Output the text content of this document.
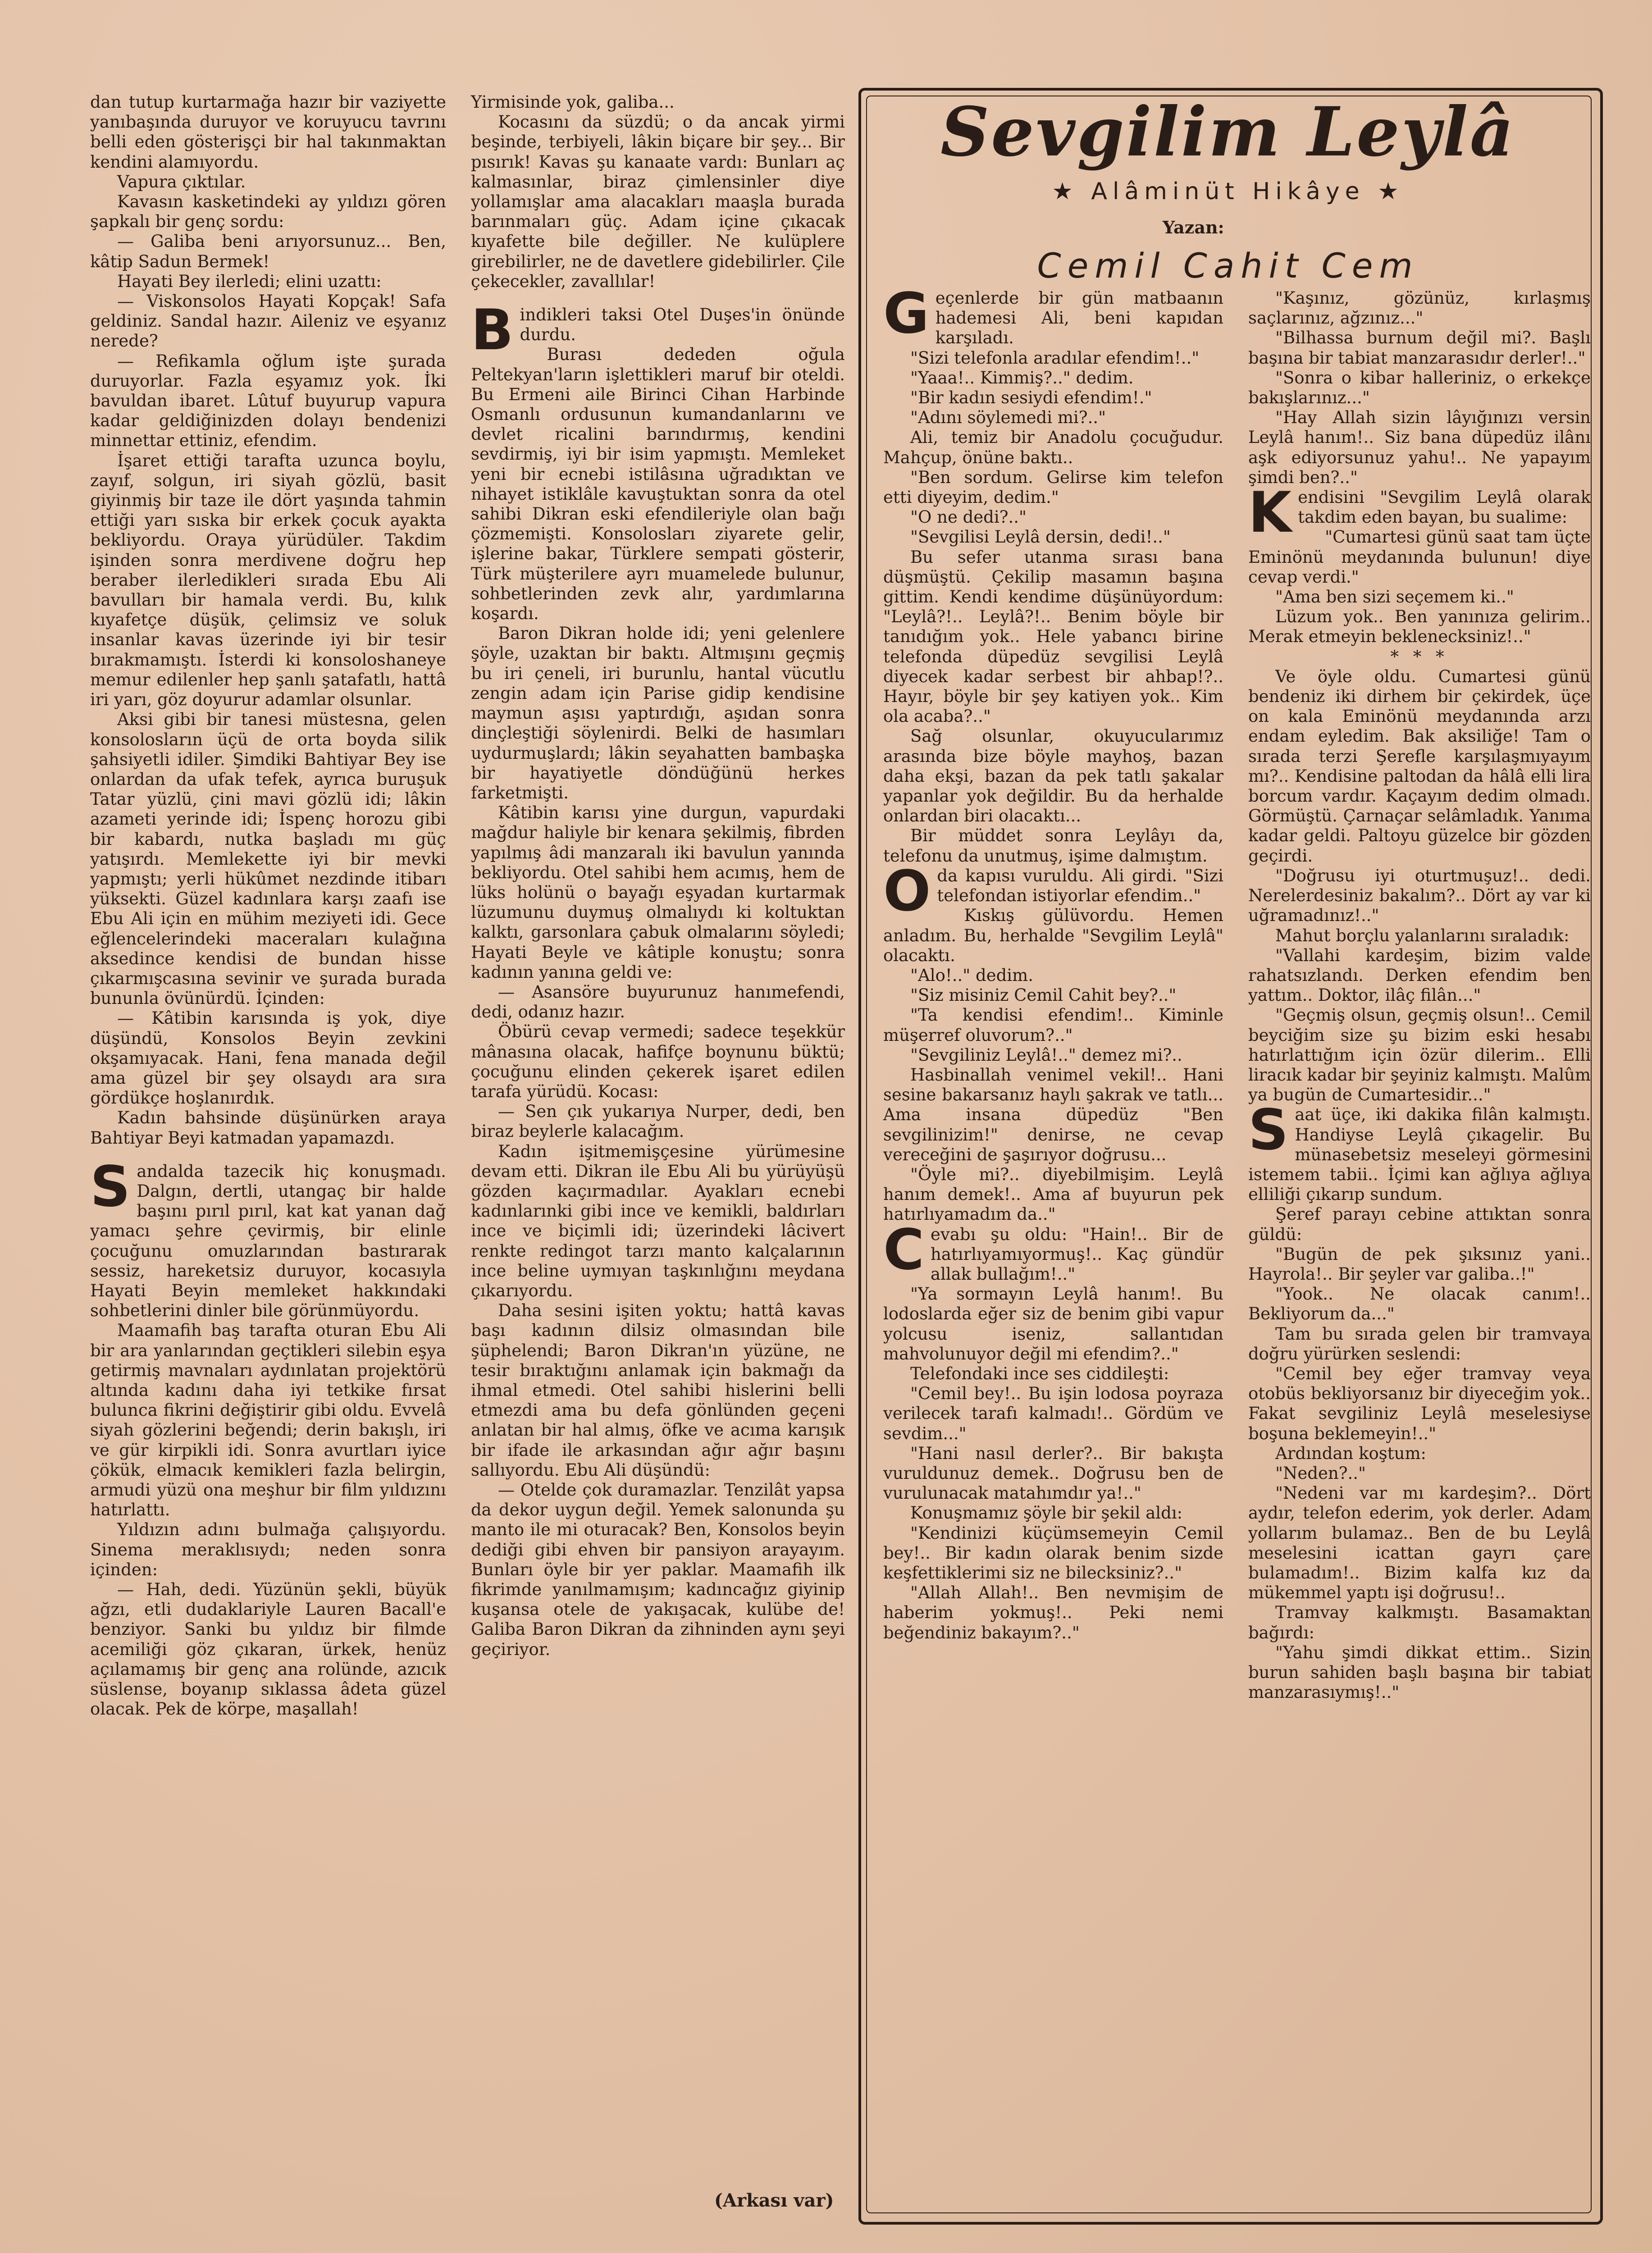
dan tutup kurtarmağa hazır bir vaziyette yanıbaşında duruyor ve koruyucu tavrını belli eden gösterişçi bir hal takınmaktan kendini alamıyordu.

Vapura çıktılar.

Kavasın kasketindeki ay yıldızı gören şapkalı bir genç sordu:

— Galiba beni arıyorsunuz... Ben, kâtip Sadun Bermek!

Hayati Bey ilerledi; elini uzattı:

— Viskonsolos Hayati Kopçak! Safa geldiniz. Sandal hazır. Aileniz ve eşyanız nerede?

— Refikamla oğlum işte şurada duruyorlar. Fazla eşyamız yok. İki bavuldan ibaret. Lûtuf buyurup vapura kadar geldiğinizden dolayı bendenizi minnettar ettiniz, efendim.

İşaret ettiği tarafta uzunca boylu, zayıf, solgun, iri siyah gözlü, basit giyinmiş bir taze ile dört yaşında tahmin ettiği yarı sıska bir erkek çocuk ayakta bekliyordu. Oraya yürüdüler. Takdim işinden sonra merdivene doğru hep beraber ilerledikleri sırada Ebu Ali bavulları bir hamala verdi. Bu, kılık kıyafetçe düşük, çelimsiz ve soluk insanlar kavas üzerinde iyi bir tesir bırakmamıştı. İsterdi ki konsoloshaneye memur edilenler hep şanlı şatafatlı, hattâ iri yarı, göz doyurur adamlar olsunlar.

Aksi gibi bir tanesi müstesna, gelen konsolosların üçü de orta boyda silik şahsiyetli idiler. Şimdiki Bahtiyar Bey ise onlardan da ufak tefek, ayrıca buruşuk Tatar yüzlü, çini mavi gözlü idi; lâkin azameti yerinde idi; İspenç horozu gibi bir kabardı, nutka başladı mı güç yatışırdı. Memlekette iyi bir mevki yapmıştı; yerli hükûmet nezdinde itibarı yüksekti. Güzel kadınlara karşı zaafı ise Ebu Ali için en mühim meziyeti idi. Gece eğlencelerindeki maceraları kulağına aksedince kendisi de bundan hisse çıkarmışcasına sevinir ve şurada burada bununla övünürdü. İçinden:

— Kâtibin karısında iş yok, diye düşündü, Konsolos Beyin zevkini okşamıyacak. Hani, fena manada değil ama güzel bir şey olsaydı ara sıra gördükçe hoşlanırdık.

Kadın bahsinde düşünürken araya Bahtiyar Beyi katmadan yapamazdı.

Sandalda tazecik hiç konuşmadı. Dalgın, dertli, utangaç bir halde başını pırıl pırıl, kat kat yanan dağ yamacı şehre çevirmiş, bir elinle çocuğunu omuzlarından bastırarak sessiz, hareketsiz duruyor, kocasıyla Hayati Beyin memleket hakkındaki sohbetlerini dinler bile görünmüyordu.

Maamafih baş tarafta oturan Ebu Ali bir ara yanlarından geçtikleri silebin eşya getirmiş mavnaları aydınlatan projektörü altında kadını daha iyi tetkike fırsat bulunca fikrini değiştirir gibi oldu. Evvelâ siyah gözlerini beğendi; derin bakışlı, iri ve gür kirpikli idi. Sonra avurtları iyice çökük, elmacık kemikleri fazla belirgin, armudi yüzü ona meşhur bir film yıldızını hatırlattı.

Yıldızın adını bulmağa çalışıyordu. Sinema meraklısıydı; neden sonra içinden:

— Hah, dedi. Yüzünün şekli, büyük ağzı, etli dudaklariyle Lauren Bacall'e benziyor. Sanki bu yıldız bir filmde acemiliği göz çıkaran, ürkek, henüz açılamamış bir genç ana rolünde, azıcık süslense, boyanıp sıklassa âdeta güzel olacak. Pek de körpe, maşallah!

Yirmisinde yok, galiba...

Kocasını da süzdü; o da ancak yirmi beşinde, terbiyeli, lâkin biçare bir şey... Bir pısırık! Kavas şu kanaate vardı: Bunları aç kalmasınlar, biraz çimlensinler diye yollamışlar ama alacakları maaşla burada barınmaları güç. Adam içine çıkacak kıyafette bile değiller. Ne kulüplere girebilirler, ne de davetlere gidebilirler. Çile çekecekler, zavallılar!

Bindikleri taksi Otel Duşes'in önünde durdu.

Burası dededen oğula Peltekyan'ların işlettikleri maruf bir oteldi. Bu Ermeni aile Birinci Cihan Harbinde Osmanlı ordusunun kumandanlarını ve devlet ricalini barındırmış, kendini sevdirmiş, iyi bir isim yapmıştı. Memleket yeni bir ecnebi istilâsına uğradıktan ve nihayet istiklâle kavuştuktan sonra da otel sahibi Dikran eski efendileriyle olan bağı çözmemişti. Konsolosları ziyarete gelir, işlerine bakar, Türklere sempati gösterir, Türk müşterilere ayrı muamelede bulunur, sohbetlerinden zevk alır, yardımlarına koşardı.

Baron Dikran holde idi; yeni gelenlere şöyle, uzaktan bir baktı. Altmışını geçmiş bu iri çeneli, iri burunlu, hantal vücutlu zengin adam için Parise gidip kendisine maymun aşısı yaptırdığı, aşıdan sonra dinçleştiği söylenirdi. Belki de hasımları uydurmuşlardı; lâkin seyahatten bambaşka bir hayatiyetle döndüğünü herkes farketmişti.

Kâtibin karısı yine durgun, vapurdaki mağdur haliyle bir kenara şekilmiş, fibrden yapılmış âdi manzaralı iki bavulun yanında bekliyordu. Otel sahibi hem acımış, hem de lüks holünü o bayağı eşyadan kurtarmak lüzumunu duymuş olmalıydı ki koltuktan kalktı, garsonlara çabuk olmalarını söyledi; Hayati Beyle ve kâtiple konuştu; sonra kadının yanına geldi ve:

— Asansöre buyurunuz hanımefendi, dedi, odanız hazır.

Öbürü cevap vermedi; sadece teşekkür mânasına olacak, hafifçe boynunu büktü; çocuğunu elinden çekerek işaret edilen tarafa yürüdü. Kocası:

— Sen çık yukarıya Nurper, dedi, ben biraz beylerle kalacağım.

Kadın işitmemişçesine yürümesine devam etti. Dikran ile Ebu Ali bu yürüyüşü gözden kaçırmadılar. Ayakları ecnebi kadınlarınki gibi ince ve kemikli, baldırları ince ve biçimli idi; üzerindeki lâcivert renkte redingot tarzı manto kalçalarının ince beline uymıyan taşkınlığını meydana çıkarıyordu.

Daha sesini işiten yoktu; hattâ kavas başı kadının dilsiz olmasından bile şüphelendi; Baron Dikran'ın yüzüne, ne tesir bıraktığını anlamak için bakmağı da ihmal etmedi. Otel sahibi hislerini belli etmezdi ama bu defa gönlünden geçeni anlatan bir hal almış, öfke ve acıma karışık bir ifade ile arkasından ağır ağır başını sallıyordu. Ebu Ali düşündü:

— Otelde çok duramazlar. Tenzilât yapsa da dekor uygun değil. Yemek salonunda şu manto ile mi oturacak? Ben, Konsolos beyin dediği gibi ehven bir pansiyon arayayım. Bunları öyle bir yer paklar. Maamafih ilk fikrimde yanılmamışım; kadıncağız giyinip kuşansa otele de yakışacak, kulübe de! Galiba Baron Dikran da zihninden aynı şeyi geçiriyor.

(Arkası var)
Sevgilim Leylâ
★ Alâminüt Hikâye ★
Yazan:
Cemil Cahit Cem

Geçenlerde bir gün matbaanın hademesi Ali, beni kapıdan karşıladı.

"Sizi telefonla aradılar efendim!.."

"Yaaa!.. Kimmiş?.." dedim.

"Bir kadın sesiydi efendim!."

"Adını söylemedi mi?.."

Ali, temiz bir Anadolu çocuğudur. Mahçup, önüne baktı..

"Ben sordum. Gelirse kim telefon etti diyeyim, dedim."

"O ne dedi?.."

"Sevgilisi Leylâ dersin, dedi!.."

Bu sefer utanma sırası bana düşmüştü. Çekilip masamın başına gittim. Kendi kendime düşünüyordum: "Leylâ?!.. Leylâ?!.. Benim böyle bir tanıdığım yok.. Hele yabancı birine telefonda düpedüz sevgilisi Leylâ diyecek kadar serbest bir ahbap!?.. Hayır, böyle bir şey katiyen yok.. Kim ola acaba?.."

Sağ olsunlar, okuyucularımız arasında bize böyle mayhoş, bazan daha ekşi, bazan da pek tatlı şakalar yapanlar yok değildir. Bu da herhalde onlardan biri olacaktı...

Bir müddet sonra Leylâyı da, telefonu da unutmuş, işime dalmıştım.

Oda kapısı vuruldu. Ali girdi. "Sizi telefondan istiyorlar efendim.."

Kıskış gülüvordu. Hemen anladım. Bu, herhalde "Sevgilim Leylâ" olacaktı.

"Alo!.." dedim.

"Siz misiniz Cemil Cahit bey?.."

"Ta kendisi efendim!.. Kiminle müşerref oluvorum?.."

"Sevgiliniz Leylâ!.." demez mi?..

Hasbinallah venimel vekil!.. Hani sesine bakarsanız haylı şakrak ve tatlı... Ama insana düpedüz "Ben sevgilinizim!" denirse, ne cevap vereceğini de şaşırıyor doğrusu...

"Öyle mi?.. diyebilmişim. Leylâ hanım demek!.. Ama af buyurun pek hatırlıyamadım da.."

Cevabı şu oldu: "Hain!.. Bir de hatırlıyamıyormuş!.. Kaç gündür allak bullağım!.."

"Ya sormayın Leylâ hanım!. Bu lodoslarda eğer siz de benim gibi vapur yolcusu iseniz, sallantıdan mahvolunuyor değil mi efendim?.."

Telefondaki ince ses ciddileşti:

"Cemil bey!.. Bu işin lodosa poyraza verilecek tarafı kalmadı!.. Gördüm ve sevdim..."

"Hani nasıl derler?.. Bir bakışta vuruldunuz demek.. Doğrusu ben de vurulunacak matahımdır ya!.."

Konuşmamız şöyle bir şekil aldı:

"Kendinizi küçümsemeyin Cemil bey!.. Bir kadın olarak benim sizde keşfettiklerimi siz ne bilecksiniz?.."

"Allah Allah!.. Ben nevmişim de haberim yokmuş!.. Peki nemi beğendiniz bakayım?.."

"Kaşınız, gözünüz, kırlaşmış saçlarınız, ağzınız..."

"Bilhassa burnum değil mi?. Başlı başına bir tabiat manzarasıdır derler!.."

"Sonra o kibar halleriniz, o erkekçe bakışlarınız..."

"Hay Allah sizin lâyığınızı versin Leylâ hanım!.. Siz bana düpedüz ilânı aşk ediyorsunuz yahu!.. Ne yapayım şimdi ben?.."

Kendisini "Sevgilim Leylâ olarak takdim eden bayan, bu sualime:

"Cumartesi günü saat tam üçte Eminönü meydanında bulunun! diye cevap verdi."

"Ama ben sizi seçemem ki.."

Lüzum yok.. Ben yanınıza gelirim.. Merak etmeyin beklenecksiniz!.."

* * *

Ve öyle oldu. Cumartesi günü bendeniz iki dirhem bir çekirdek, üçe on kala Eminönü meydanında arzı endam eyledim. Bak aksiliğe! Tam o sırada terzi Şerefle karşılaşmıyayım mı?.. Kendisine paltodan da hâlâ elli lira borcum vardır. Kaçayım dedim olmadı. Görmüştü. Çarnaçar selâmladık. Yanıma kadar geldi. Paltoyu güzelce bir gözden geçirdi.

"Doğrusu iyi oturtmuşuz!.. dedi. Nerelerdesiniz bakalım?.. Dört ay var ki uğramadınız!.."

Mahut borçlu yalanlarını sıraladık:

"Vallahi kardeşim, bizim valde rahatsızlandı. Derken efendim ben yattım.. Doktor, ilâç filân..."

"Geçmiş olsun, geçmiş olsun!.. Cemil beyciğim size şu bizim eski hesabı hatırlattığım için özür dilerim.. Elli liracık kadar bir şeyiniz kalmıştı. Malûm ya bugün de Cumartesidir..."

Saat üçe, iki dakika filân kalmıştı. Handiyse Leylâ çıkagelir. Bu münasebetsiz meseleyi görmesini istemem tabii.. İçimi kan ağlıya ağlıya elliliği çıkarıp sundum.

Şeref parayı cebine attıktan sonra güldü:

"Bugün de pek şıksınız yani.. Hayrola!.. Bir şeyler var galiba..!"

"Yook.. Ne olacak canım!.. Bekliyorum da..."

Tam bu sırada gelen bir tramvaya doğru yürürken seslendi:

"Cemil bey eğer tramvay veya otobüs bekliyorsanız bir diyeceğim yok.. Fakat sevgiliniz Leylâ meselesiyse boşuna beklemeyin!.."

Ardından koştum:

"Neden?.."

"Nedeni var mı kardeşim?.. Dört aydır, telefon ederim, yok derler. Adam yollarım bulamaz.. Ben de bu Leylâ meselesini icattan gayrı çare bulamadım!.. Bizim kalfa kız da mükemmel yaptı işi doğrusu!..

Tramvay kalkmıştı. Basamaktan bağırdı:

"Yahu şimdi dikkat ettim.. Sizin burun sahiden başlı başına bir tabiat manzarasıymış!.."
